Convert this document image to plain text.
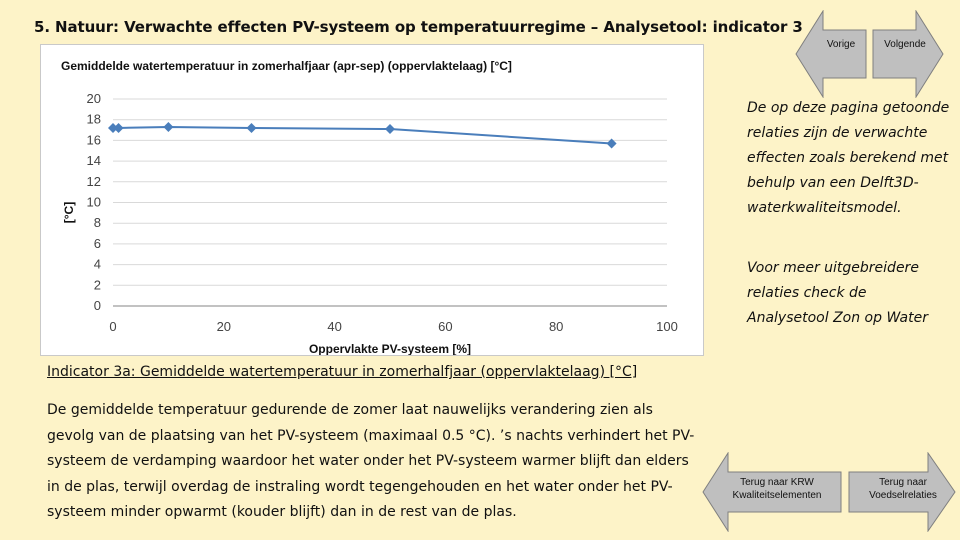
5. Natuur: Verwachte effecten PV-systeem op temperatuurregime – Analysetool: indicator 3
Gemiddelde watertemperatuur in zomerhalfjaar (apr-sep) (oppervlaktelaag) [°C]
0
2
4
6
8
10
12
14
16
18
20
0	20	40	60	80	100
Oppervlakte PV-systeem [%]
[°C]
Vorige	Volgende
De op deze pagina getoonde relaties zijn de verwachte effecten zoals berekend met behulp van een Delft3D-waterkwaliteitsmodel.
Voor meer uitgebreidere relaties check de Analysetool Zon op Water
Indicator 3a: Gemiddelde watertemperatuur in zomerhalfjaar (oppervlaktelaag) [°C]
De gemiddelde temperatuur gedurende de zomer laat nauwelijks verandering zien als gevolg van de plaatsing van het PV-systeem (maximaal 0.5 °C). ’s nachts verhindert het PV-systeem de verdamping waardoor het water onder het PV-systeem warmer blijft dan elders in de plas, terwijl overdag de instraling wordt tegengehouden en het water onder het PV-systeem minder opwarmt (kouder blijft) dan in de rest van de plas.
Terug naar KRW Kwaliteitselementen
Terug naar Voedselrelaties
